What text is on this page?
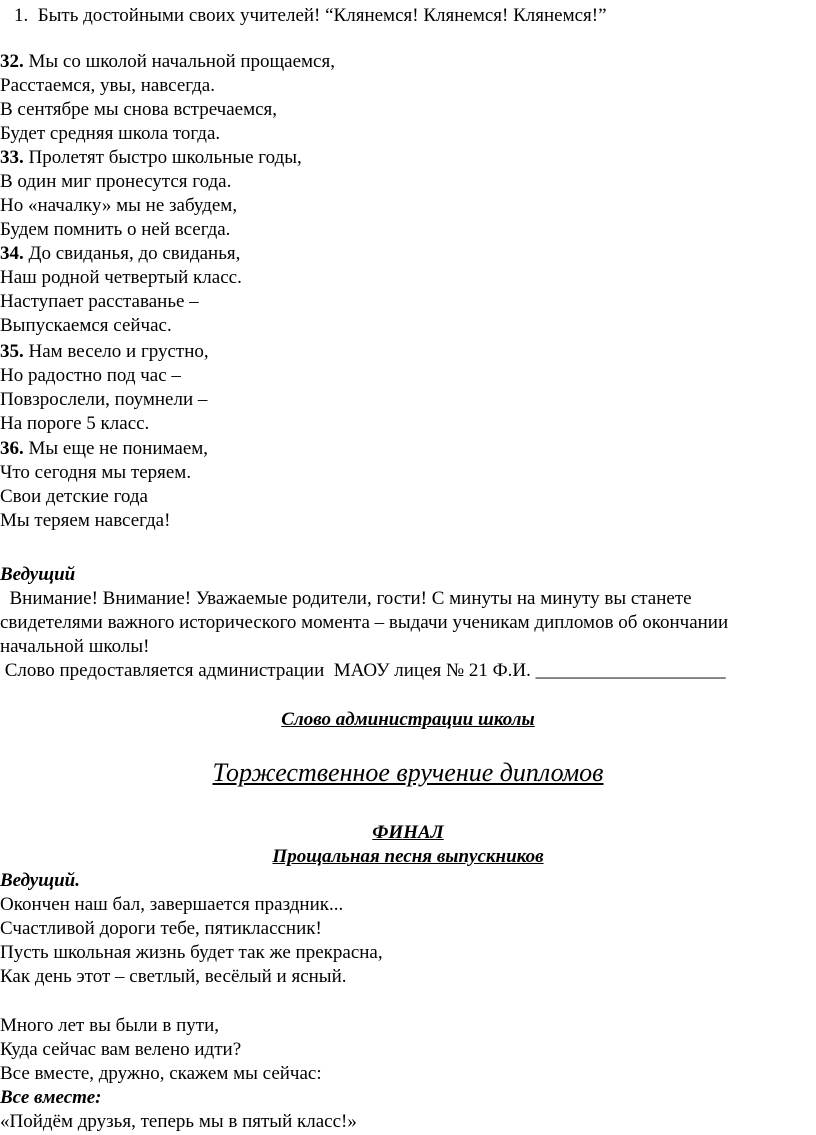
1. Быть достойными своих учителей! “Клянемся! Клянемся! Клянемся!”
32. Мы со школой начальной прощаемся,
Расстаемся, увы, навсегда.
В сентябре мы снова встречаемся,
Будет средняя школа тогда.
33. Пролетят быстро школьные годы,
В один миг пронесутся года.
Но «началку» мы не забудем,
Будем помнить о ней всегда.
34. До свиданья, до свиданья,
Наш родной четвертый класс.
Наступает расставанье –
Выпускаемся сейчас.
35. Нам весело и грустно,
Но радостно под час –
Повзрослели, поумнели –
На пороге 5 класс.
36. Мы еще не понимаем,
Что сегодня мы теряем.
Свои детские года
Мы теряем навсегда!
Ведущий
Внимание! Внимание! Уважаемые родители, гости! С минуты на минуту вы станете
свидетелями важного исторического момента – выдачи ученикам дипломов об окончании
начальной школы!
Слово предоставляется администрации  МАОУ лицея № 21 Ф.И. ____________________
Слово администрации школы
Торжественное вручение дипломов
ФИНАЛ
Прощальная песня выпускников
Ведущий.
Окончен наш бал, завершается праздник...
Счастливой дороги тебе, пятиклассник!
Пусть школьная жизнь будет так же прекрасна,
Как день этот – светлый, весёлый и ясный.
Много лет вы были в пути,
Куда сейчас вам велено идти?
Все вместе, дружно, скажем мы сейчас:
Все вместе:
«Пойдём друзья, теперь мы в пятый класс!»
